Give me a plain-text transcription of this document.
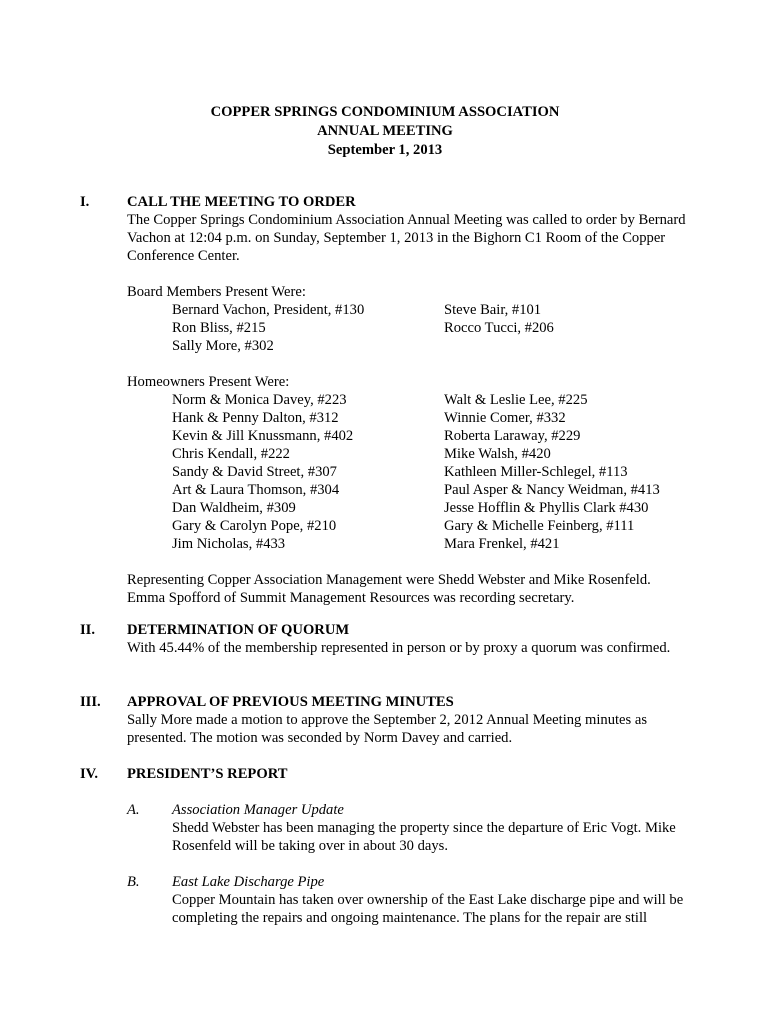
COPPER SPRINGS CONDOMINIUM ASSOCIATION
ANNUAL MEETING
September 1, 2013
I.	CALL THE MEETING TO ORDER

The Copper Springs Condominium Association Annual Meeting was called to order by Bernard Vachon at 12:04 p.m. on Sunday, September 1, 2013 in the Bighorn C1 Room of the Copper Conference Center.

Board Members Present Were:
Bernard Vachon, President, #130	Steve Bair, #101
Ron Bliss, #215	Rocco Tucci, #206
Sally More, #302
Homeowners Present Were:
Norm & Monica Davey, #223	Walt & Leslie Lee, #225
Hank & Penny Dalton, #312	Winnie Comer, #332
Kevin & Jill Knussmann, #402	Roberta Laraway, #229
Chris Kendall, #222	Mike Walsh, #420
Sandy & David Street, #307	Kathleen Miller-Schlegel, #113
Art & Laura Thomson, #304	Paul Asper & Nancy Weidman, #413
Dan Waldheim, #309	Jesse Hofflin & Phyllis Clark #430
Gary & Carolyn Pope, #210	Gary & Michelle Feinberg, #111
Jim Nicholas, #433	Mara Frenkel, #421

Representing Copper Association Management were Shedd Webster and Mike Rosenfeld. Emma Spofford of Summit Management Resources was recording secretary.

II. DETERMINATION OF QUORUM

With 45.44% of the membership represented in person or by proxy a quorum was confirmed.

III. APPROVAL OF PREVIOUS MEETING MINUTES

Sally More made a motion to approve the September 2, 2012 Annual Meeting minutes as presented. The motion was seconded by Norm Davey and carried.

IV. PRESIDENT’S REPORT
A. Association Manager Update

Shedd Webster has been managing the property since the departure of Eric Vogt. Mike Rosenfeld will be taking over in about 30 days.

B. East Lake Discharge Pipe

Copper Mountain has taken over ownership of the East Lake discharge pipe and will be completing the repairs and ongoing maintenance. The plans for the repair are still
